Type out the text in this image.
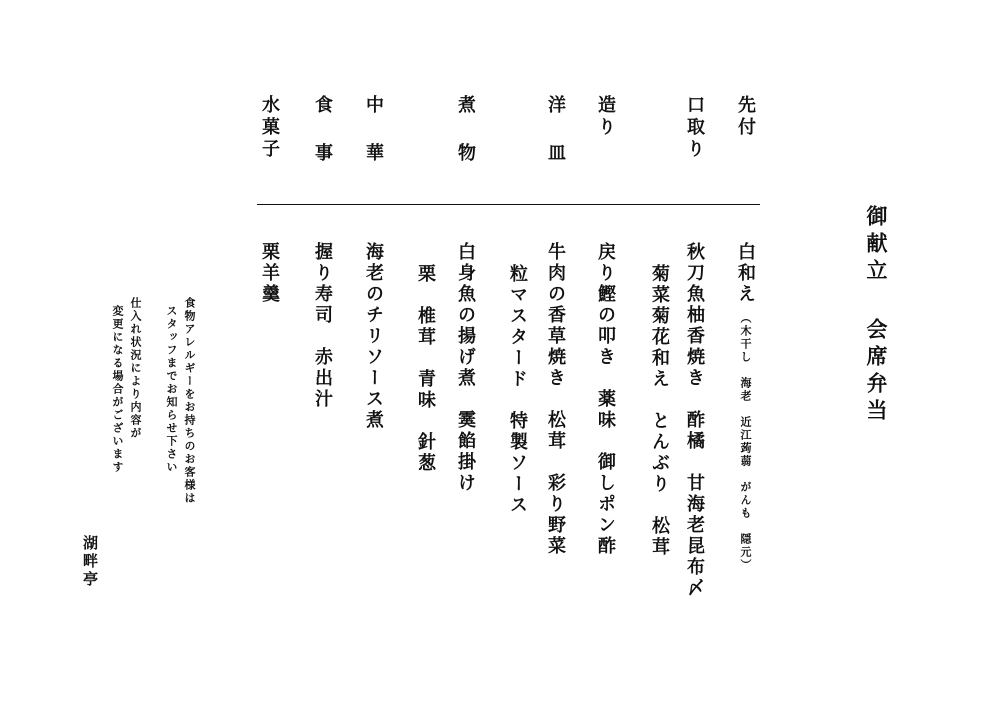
御献立
会席弁当
先付
口取り
造り
洋皿
煮物
中華
食事
水菓子
白和え
（木干し　海老　近江蒟蒻　がんも　隠元）
秋刀魚柚香焼き　酢橘　甘海老昆布〆
菊菜菊花和え　とんぶり　松茸
戻り鰹の叩き　薬味　御しポン酢
牛肉の香草焼き　松茸　彩り野菜
粒マスタード　特製ソース
白身魚の揚げ煮　霙餡掛け
栗　椎茸　青味　針葱
海老のチリソース煮
握り寿司　赤出汁
栗羊羹
食物アレルギーをお持ちのお客様は
スタッフまでお知らせ下さい
仕入れ状況により内容が
変更になる場合がございます
湖畔亭
